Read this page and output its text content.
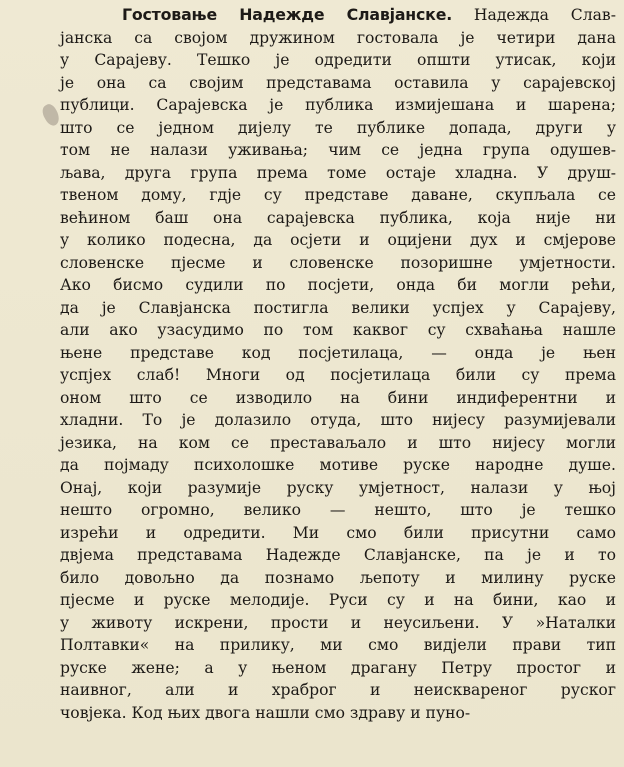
Гостовање Надежде Славјанске. Надежда Слав-
јанска са својом дружином гостовала је четири дана
у Сарајеву. Тешко је одредити општи утисак, који
је она са својим представама оставила у сарајевској
публици. Сарајевска је публика измијешана и шарена;
што се једном дијелу те публике допада, други у
том не налази уживања; чим се једна група одушев-
љава, друга група према томе остаје хладна. У друш-
твеном дому, гдје су представе даване, скупљала се
већином баш она сарајевска публика, која није ни
у колико подесна, да осјети и оцијени дух и смјерове
словенске пјесме и словенске позоришне умјетности.
Ако бисмо судили по посјети, онда би могли рећи,
да је Славјанска постигла велики успјех у Сарајеву,
али ако узасудимо по том каквог су схваћања нашле
њене представе код посјетилаца, — онда је њен
успјех слаб! Многи од посјетилаца били су према
оном што се изводило на бини индиферентни и
хладни. То је долазило отуда, што нијесу разумијевали
језика, на ком се преставаљало и што нијесу могли
да појмаду психолошке мотиве руске народне душе.
Онај, који разумије руску умјетност, налази у њој
нешто огромно, велико — нешто, што је тешко
изрећи и одредити. Ми смо били присутни само
двјема представама Надежде Славјанске, па је и то
било довољно да познамо љепоту и милину руске
пјесме и руске мелодије. Руси су и на бини, као и
у животу искрени, прости и неусиљени. У »Наталки
Полтавки« на прилику, ми смо видјели прави тип
руске жене; а у њеном драгану Петру простог и
наивног, али и храброг и неисквареног руског
човјека. Код њих двога нашли смо здраву и пуно-
